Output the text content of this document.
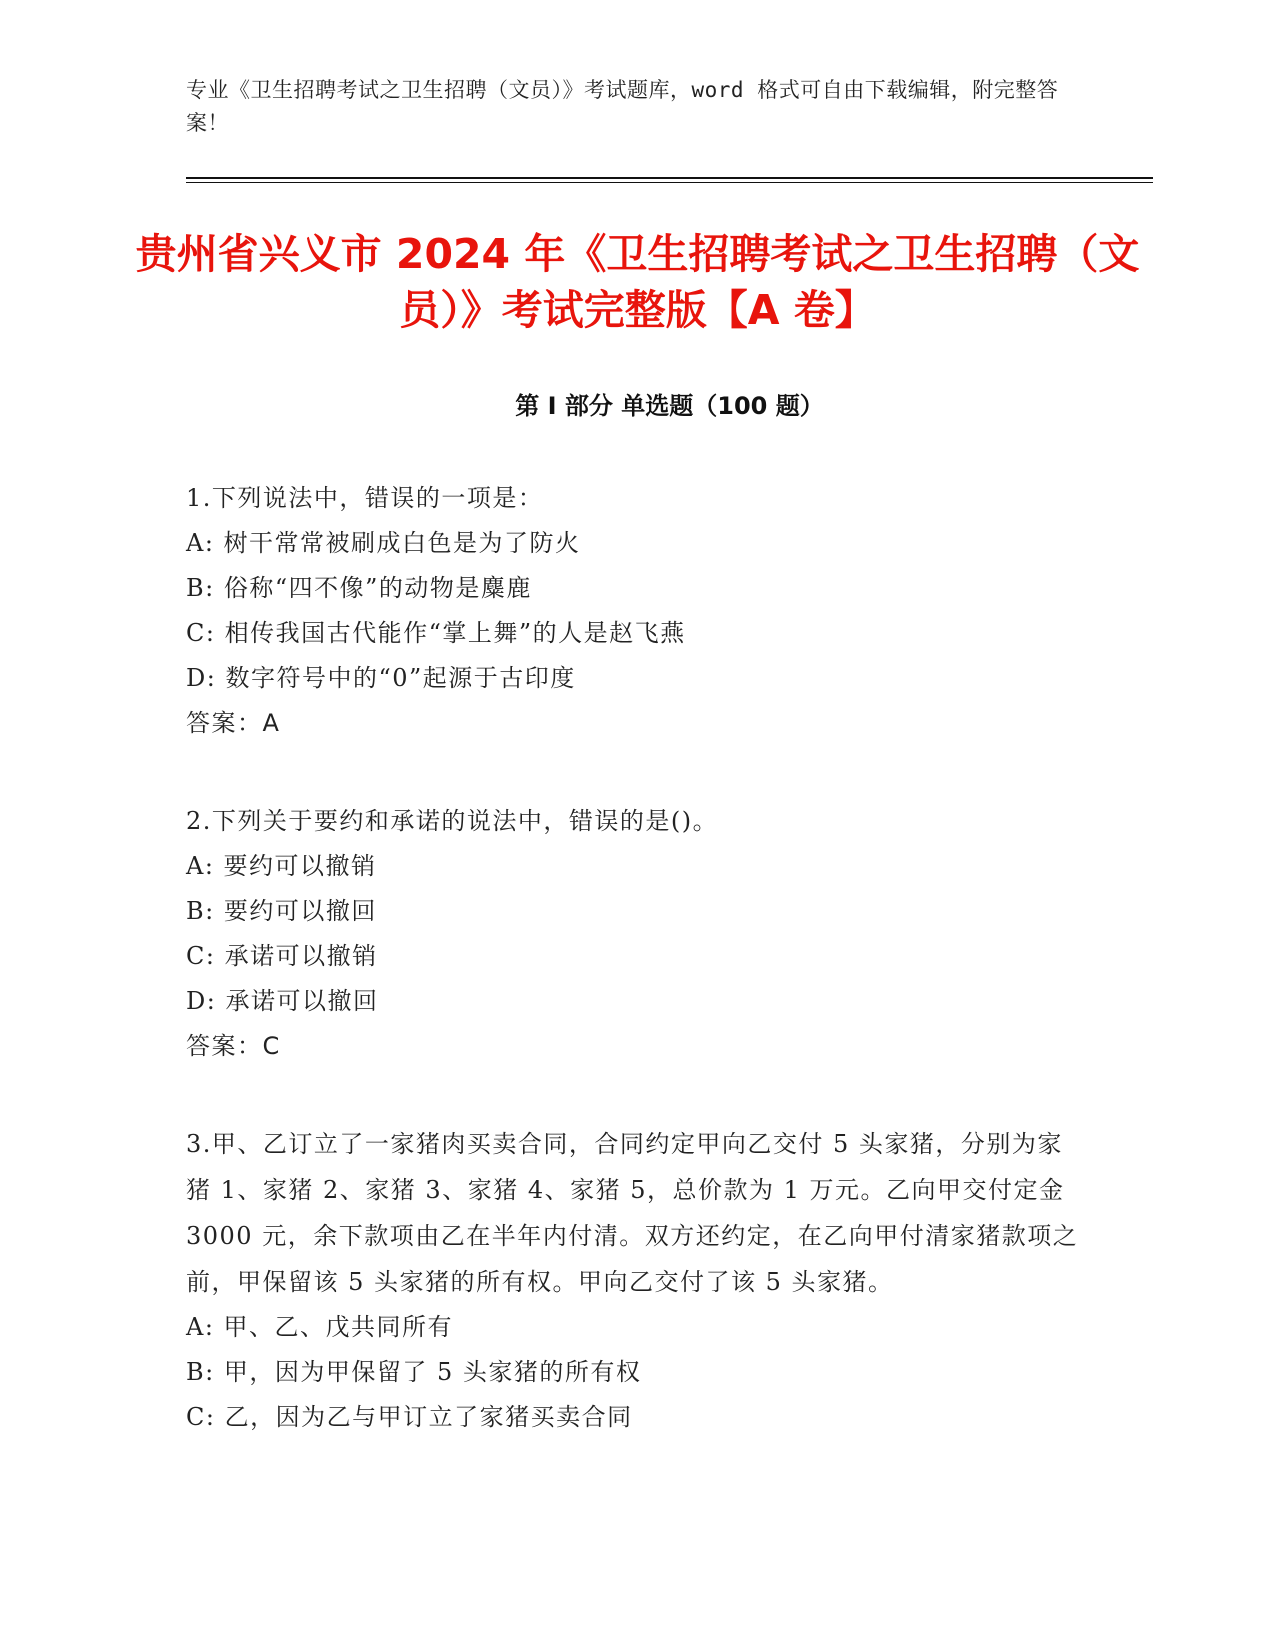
专业《卫生招聘考试之卫生招聘（文员）》考试题库，word 格式可自由下载编辑，附完整答案！
贵州省兴义市 2024 年《卫生招聘考试之卫生招聘（文员）》考试完整版【A 卷】
第 I 部分 单选题（100 题）

1.下列说法中，错误的一项是：

A: 树干常常被刷成白色是为了防火

B: 俗称“四不像”的动物是麋鹿

C: 相传我国古代能作“掌上舞”的人是赵飞燕

D: 数字符号中的“0”起源于古印度

答案：A

2.下列关于要约和承诺的说法中，错误的是()。

A: 要约可以撤销

B: 要约可以撤回

C: 承诺可以撤销

D: 承诺可以撤回

答案：C

3.甲、乙订立了一家猪肉买卖合同，合同约定甲向乙交付 5 头家猪，分别为家猪 1、家猪 2、家猪 3、家猪 4、家猪 5，总价款为 1 万元。乙向甲交付定金 3000 元，余下款项由乙在半年内付清。双方还约定，在乙向甲付清家猪款项之前，甲保留该 5 头家猪的所有权。甲向乙交付了该 5 头家猪。

A: 甲、乙、戊共同所有

B: 甲，因为甲保留了 5 头家猪的所有权

C: 乙，因为乙与甲订立了家猪买卖合同
